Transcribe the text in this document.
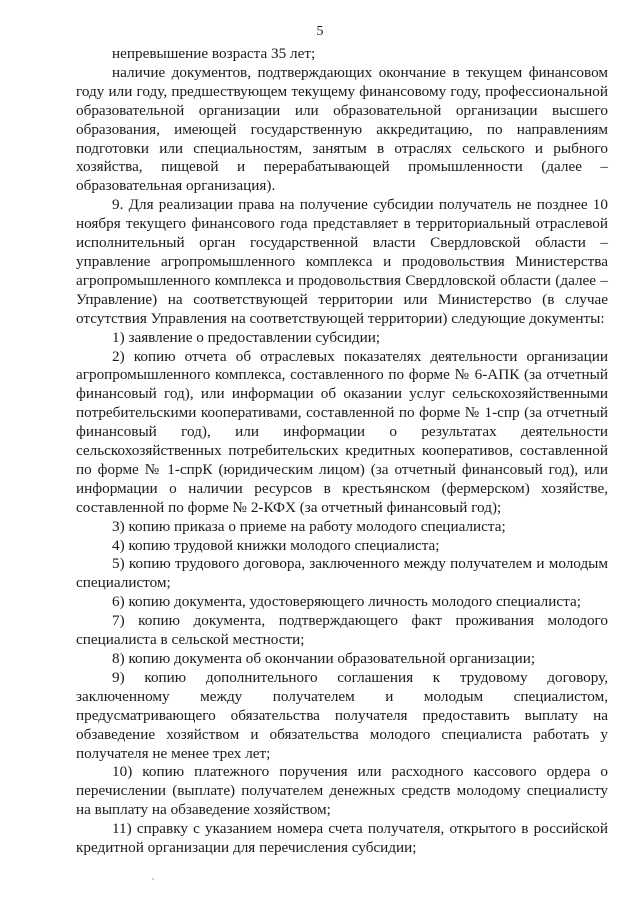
5

непревышение возраста 35 лет;

наличие документов, подтверждающих окончание в текущем финансовом году или году, предшествующем текущему финансовому году, профессиональной образовательной организации или образовательной организации высшего образования, имеющей государственную аккредитацию, по направлениям подготовки или специальностям, занятым в отраслях сельского и рыбного хозяйства, пищевой и перерабатывающей промышленности (далее – образовательная организация).

9. Для реализации права на получение субсидии получатель не позднее 10 ноября текущего финансового года представляет в территориальный отраслевой исполнительный орган государственной власти Свердловской области – управление агропромышленного комплекса и продовольствия Министерства агропромышленного комплекса и продовольствия Свердловской области (далее – Управление) на соответствующей территории или Министерство (в случае отсутствия Управления на соответствующей территории) следующие документы:

1) заявление о предоставлении субсидии;

2) копию отчета об отраслевых показателях деятельности организации агропромышленного комплекса, составленного по форме № 6-АПК (за отчетный финансовый год), или информации об оказании услуг сельскохозяйственными потребительскими кооперативами, составленной по форме № 1-спр (за отчетный финансовый год), или информации о результатах деятельности сельскохозяйственных потребительских кредитных кооперативов, составленной по форме № 1-спрК (юридическим лицом) (за отчетный финансовый год), или информации о наличии ресурсов в крестьянском (фермерском) хозяйстве, составленной по форме № 2-КФХ (за отчетный финансовый год);

3) копию приказа о приеме на работу молодого специалиста;

4) копию трудовой книжки молодого специалиста;

5) копию трудового договора, заключенного между получателем и молодым специалистом;

6) копию документа, удостоверяющего личность молодого специалиста;

7) копию документа, подтверждающего факт проживания молодого специалиста в сельской местности;

8) копию документа об окончании образовательной организации;

9) копию дополнительного соглашения к трудовому договору, заключенному между получателем и молодым специалистом, предусматривающего обязательства получателя предоставить выплату на обзаведение хозяйством и обязательства молодого специалиста работать у получателя не менее трех лет;

10) копию платежного поручения или расходного кассового ордера о перечислении (выплате) получателем денежных средств молодому специалисту на выплату на обзаведение хозяйством;

11) справку с указанием номера счета получателя, открытого в российской кредитной организации для перечисления субсидии;
